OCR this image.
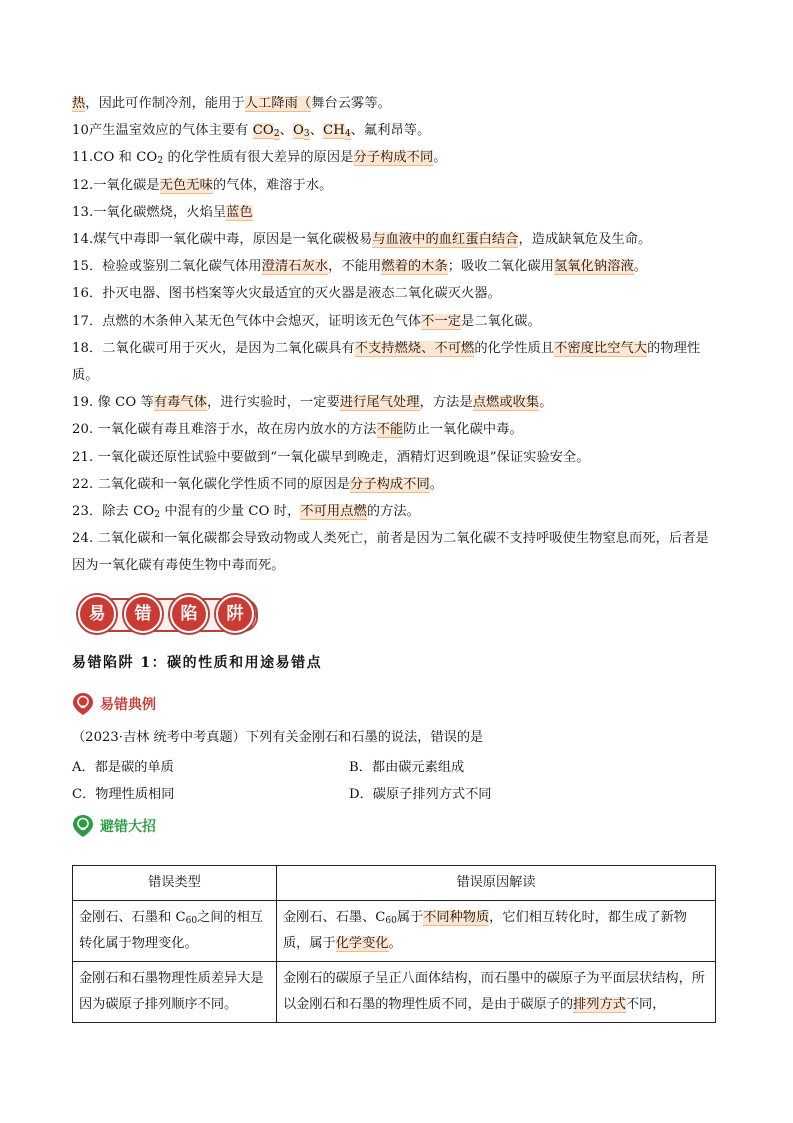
热，因此可作制冷剂，能用于人工降雨（舞台云雾等。
10产生温室效应的气体主要有 $CO_2$、$O_3$、$CH_4$、氟利昂等。
11.CO 和 $CO_2$ 的化学性质有很大差异的原因是分子构成不同。
12.一氧化碳是无色无味的气体，难溶于水。
13.一氧化碳燃烧，火焰呈蓝色
14.煤气中毒即一氧化碳中毒，原因是一氧化碳极易与血液中的血红蛋白结合，造成缺氧危及生命。
15．检验或鉴别二氧化碳气体用澄清石灰水，不能用燃着的木条；吸收二氧化碳用氢氧化钠溶液。
16．扑灭电器、图书档案等火灾最适宜的灭火器是液态二氧化碳灭火器。
17．点燃的木条伸入某无色气体中会熄灭，证明该无色气体不一定是二氧化碳。
18．二氧化碳可用于灭火，是因为二氧化碳具有不支持燃烧、不可燃的化学性质且不密度比空气大的物理性质。
19. 像 CO 等有毒气体，进行实验时，一定要进行尾气处理，方法是点燃或收集。
20. 一氧化碳有毒且难溶于水，故在房内放水的方法不能防止一氧化碳中毒。
21. 一氧化碳还原性试验中要做到“一氧化碳早到晚走，酒精灯迟到晚退”保证实验安全。
22. 二氧化碳和一氧化碳化学性质不同的原因是分子构成不同。
23．除去 $CO_2$ 中混有的少量 CO 时，不可用点燃的方法。
24. 二氧化碳和一氧化碳都会导致动物或人类死亡，前者是因为二氧化碳不支持呼吸使生物窒息而死，后者是因为一氧化碳有毒使生物中毒而死。
易	错	陷	阱
易错陷阱 1：碳的性质和用途易错点
易错典例
（2023·吉林 统考中考真题）下列有关金刚石和石墨的说法，错误的是
A．都是碳的单质	B．都由碳元素组成
C．物理性质相同	D．碳原子排列方式不同
避错大招
错误类型	错误原因解读
金刚石、石墨和 $C_{60}$之间的相互转化属于物理变化。	金刚石、石墨、$C_{60}$属于不同种物质，它们相互转化时，都生成了新物质，属于化学变化。
金刚石和石墨物理性质差异大是因为碳原子排列顺序不同。	金刚石的碳原子呈正八面体结构，而石墨中的碳原子为平面层状结构，所以金刚石和石墨的物理性质不同，是由于碳原子的排列方式不同，
